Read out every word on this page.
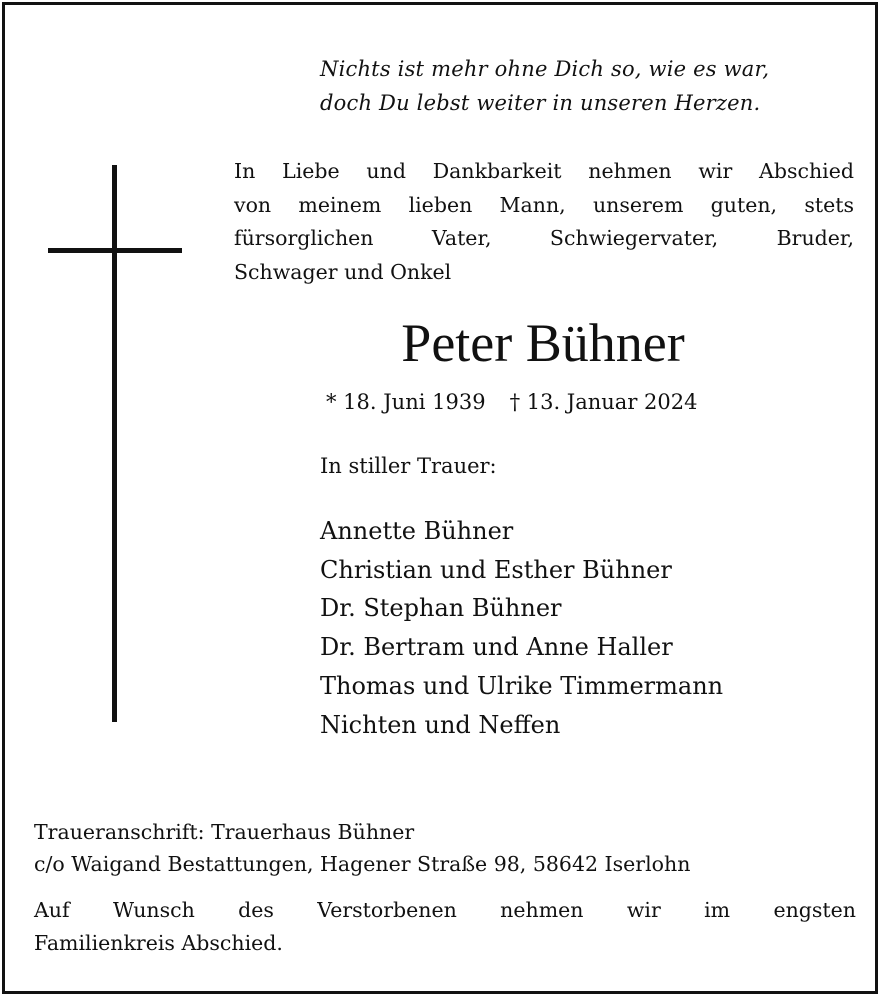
Nichts ist mehr ohne Dich so, wie es war,
doch Du lebst weiter in unseren Herzen.
In Liebe und Dankbarkeit nehmen wir Abschied
von meinem lieben Mann, unserem guten, stets
fürsorglichen Vater, Schwiegervater, Bruder,
Schwager und Onkel
Peter Bühner
* 18. Juni 1939 † 13. Januar 2024
In stiller Trauer:
Annette Bühner
Christian und Esther Bühner
Dr. Stephan Bühner
Dr. Bertram und Anne Haller
Thomas und Ulrike Timmermann
Nichten und Neffen
Traueranschrift: Trauerhaus Bühner
c/o Waigand Bestattungen, Hagener Straße 98, 58642 Iserlohn
Auf Wunsch des Verstorbenen nehmen wir im engsten
Familienkreis Abschied.
